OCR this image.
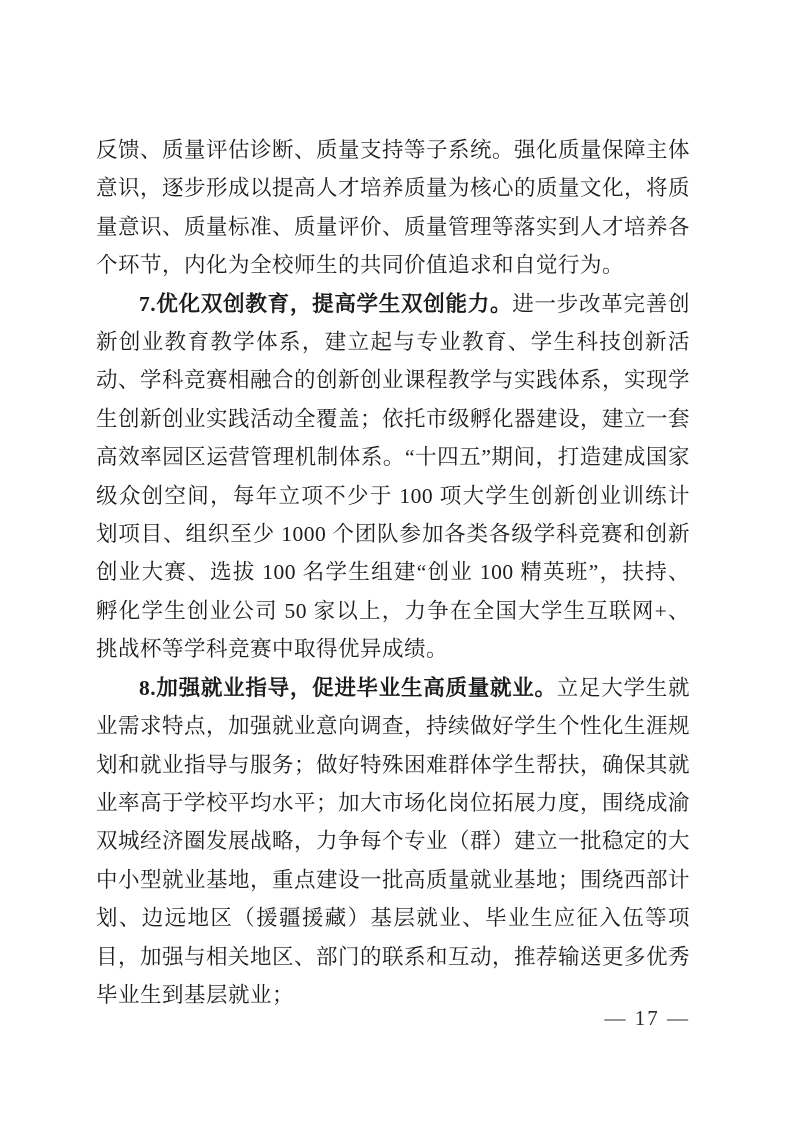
反馈、质量评估诊断、质量支持等子系统。强化质量保障主体意识，逐步形成以提高人才培养质量为核心的质量文化，将质量意识、质量标准、质量评价、质量管理等落实到人才培养各个环节，内化为全校师生的共同价值追求和自觉行为。

7.优化双创教育，提高学生双创能力。进一步改革完善创新创业教育教学体系，建立起与专业教育、学生科技创新活动、学科竞赛相融合的创新创业课程教学与实践体系，实现学生创新创业实践活动全覆盖；依托市级孵化器建设，建立一套高效率园区运营管理机制体系。“十四五”期间，打造建成国家级众创空间，每年立项不少于 100 项大学生创新创业训练计划项目、组织至少 1000 个团队参加各类各级学科竞赛和创新创业大赛、选拔 100 名学生组建“创业 100 精英班”，扶持、孵化学生创业公司 50 家以上，力争在全国大学生互联网+、挑战杯等学科竞赛中取得优异成绩。

8.加强就业指导，促进毕业生高质量就业。立足大学生就业需求特点，加强就业意向调查，持续做好学生个性化生涯规划和就业指导与服务；做好特殊困难群体学生帮扶，确保其就业率高于学校平均水平；加大市场化岗位拓展力度，围绕成渝双城经济圈发展战略，力争每个专业（群）建立一批稳定的大中小型就业基地，重点建设一批高质量就业基地；围绕西部计划、边远地区（援疆援藏）基层就业、毕业生应征入伍等项目，加强与相关地区、部门的联系和互动，推荐输送更多优秀毕业生到基层就业；

— 17 —
